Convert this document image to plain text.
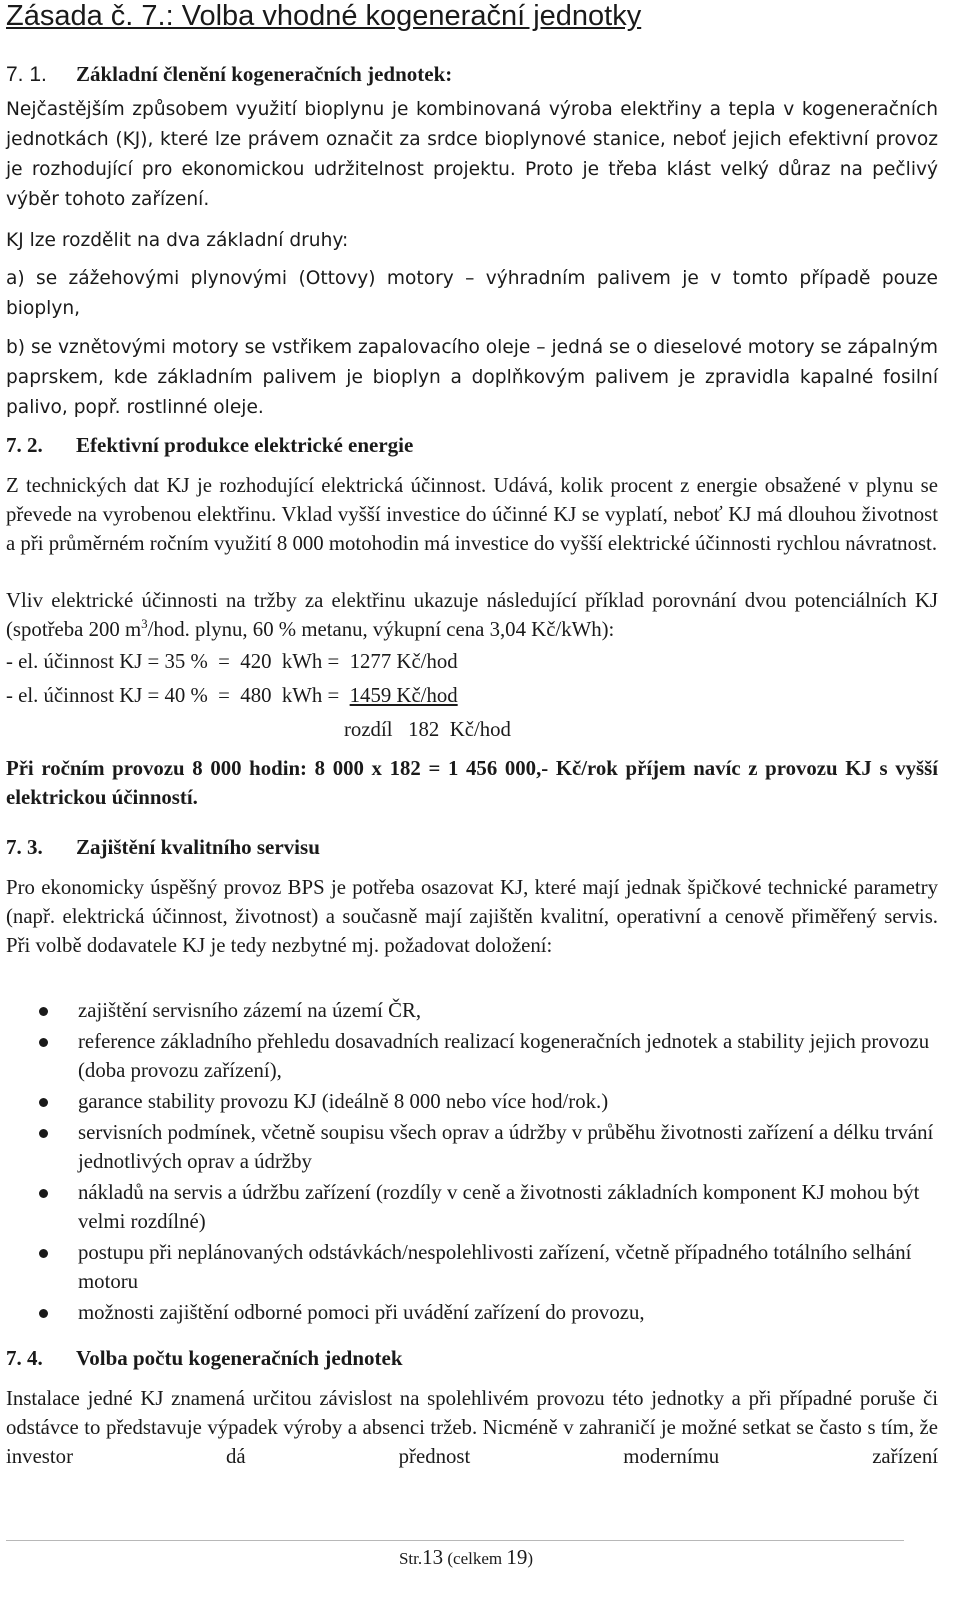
Zásada č. 7.: Volba vhodné kogenerační jednotky
7. 1. Základní členění kogeneračních jednotek:

Nejčastějším způsobem využití bioplynu je kombinovaná výroba elektřiny a tepla v kogeneračních jednotkách (KJ), které lze právem označit za srdce bioplynové stanice, neboť jejich efektivní provoz je rozhodující pro ekonomickou udržitelnost projektu. Proto je třeba klást velký důraz na pečlivý výběr tohoto zařízení.

KJ lze rozdělit na dva základní druhy:

a) se zážehovými plynovými (Ottovy) motory – výhradním palivem je v tomto případě pouze bioplyn,

b) se vznětovými motory se vstřikem zapalovacího oleje – jedná se o dieselové motory se zápalným paprskem, kde základním palivem je bioplyn a doplňkovým palivem je zpravidla kapalné fosilní palivo, popř. rostlinné oleje.

7. 2. Efektivní produkce elektrické energie

Z technických dat KJ je rozhodující elektrická účinnost. Udává, kolik procent z energie obsažené v plynu se převede na vyrobenou elektřinu. Vklad vyšší investice do účinné KJ se vyplatí, neboť KJ má dlouhou životnost a při průměrném ročním využití 8 000 motohodin má investice do vyšší elektrické účinnosti rychlou návratnost.

Vliv elektrické účinnosti na tržby za elektřinu ukazuje následující příklad porovnání dvou potenciálních KJ (spotřeba 200 $m^3$/hod. plynu, 60 % metanu, výkupní cena 3,04 Kč/kWh):

- el. účinnost KJ = 35 %  =  420  kWh =  1277 Kč/hod
- el. účinnost KJ = 40 %  =  480  kWh =  1459 Kč/hod
rozdíl   182  Kč/hod

Při ročním provozu 8 000 hodin: 8 000 x 182 = 1 456 000,- Kč/rok příjem navíc z provozu KJ s vyšší elektrickou účinností.

7. 3. Zajištění kvalitního servisu

Pro ekonomicky úspěšný provoz BPS je potřeba osazovat KJ, které mají jednak špičkové technické parametry (např. elektrická účinnost, životnost) a současně mají zajištěn kvalitní, operativní a cenově přiměřený servis. Při volbě dodavatele KJ je tedy nezbytné mj. požadovat doložení:

zajištění servisního zázemí na území ČR,
reference základního přehledu dosavadních realizací kogeneračních jednotek a stability jejich provozu (doba provozu zařízení),
garance stability provozu KJ (ideálně 8 000 nebo více hod/rok.)
servisních podmínek, včetně soupisu všech oprav a údržby v průběhu životnosti zařízení a délku trvání jednotlivých oprav a údržby
nákladů na servis a údržbu zařízení (rozdíly v ceně a životnosti základních komponent KJ mohou být velmi rozdílné)
postupu při neplánovaných odstávkách/nespolehlivosti zařízení, včetně případného totálního selhání motoru
možnosti zajištění odborné pomoci při uvádění zařízení do provozu,
7. 4. Volba počtu kogeneračních jednotek

Instalace jedné KJ znamená určitou závislost na spolehlivém provozu této jednotky a při případné poruše či odstávce to představuje výpadek výroby a absenci tržeb. Nicméně v zahraničí je možné setkat se často s tím, že investor dá přednost modernímu zařízení

Str.13 (celkem 19)
